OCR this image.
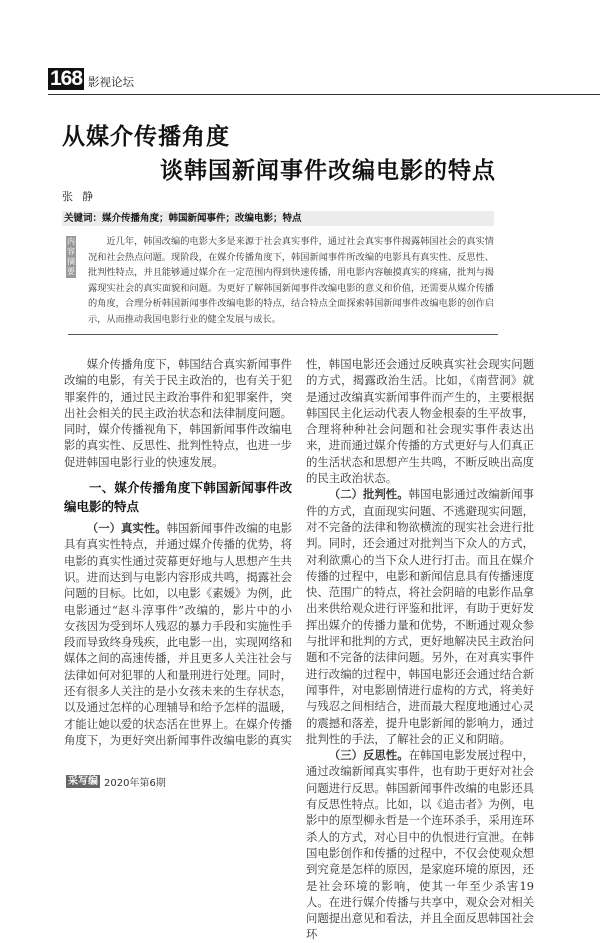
168 影视论坛
从媒介传播角度
谈韩国新闻事件改编电影的特点
张静
关键词：媒介传播角度；韩国新闻事件；改编电影；特点
内容摘要
近几年，韩国改编的电影大多是来源于社会真实事件，通过社会真实事件揭露韩国社会的真实情况和社会热点问题。现阶段，在媒介传播角度下，韩国新闻事件所改编的电影具有真实性、反思性、批判性特点，并且能够通过媒介在一定范围内得到快速传播，用电影内容触摸真实的疼痛，批判与揭露现实社会的真实面貌和问题。为更好了解韩国新闻事件改编电影的意义和价值，还需要从媒介传播的角度，合理分析韩国新闻事件改编电影的特点，结合特点全面探索韩国新闻事件改编电影的创作启示，从而推动我国电影行业的健全发展与成长。

媒介传播角度下，韩国结合真实新闻事件改编的电影，有关于民主政治的，也有关于犯罪案件的，通过民主政治事件和犯罪案件，突出社会相关的民主政治状态和法律制度问题。同时，媒介传播视角下，韩国新闻事件改编电影的真实性、反思性、批判性特点，也进一步促进韩国电影行业的快速发展。

一、媒介传播角度下韩国新闻事件改编电影的特点

（一）真实性。韩国新闻事件改编的电影具有真实性特点，并通过媒介传播的优势，将电影的真实性通过荧幕更好地与人思想产生共识。进而达到与电影内容形成共鸣，揭露社会问题的目标。比如，以电影《素媛》为例，此电影通过“赵斗淳事件”改编的，影片中的小女孩因为受到坏人残忍的暴力手段和实施性手段而导致终身残疾，此电影一出，实现网络和媒体之间的高速传播，并且更多人关注社会与法律如何对犯罪的人和量刑进行处理。同时，还有很多人关注的是小女孩未来的生存状态，以及通过怎样的心理辅导和给予怎样的温暖，才能让她以爱的状态活在世界上。在媒介传播角度下，为更好突出新闻事件改编电影的真实

性，韩国电影还会通过反映真实社会现实问题的方式，揭露政治生活。比如，《南营洞》就是通过改编真实新闻事件而产生的，主要根据韩国民主化运动代表人物金根泰的生平故事，合理将种种社会问题和社会现实事件表达出来，进而通过媒介传播的方式更好与人们真正的生活状态和思想产生共鸣，不断反映出高度的民主政治状态。

（二）批判性。韩国电影通过改编新闻事件的方式，直面现实问题、不逃避现实问题，对不完备的法律和物欲横流的现实社会进行批判。同时，还会通过对批判当下众人的方式，对利欲熏心的当下众人进行打击。而且在媒介传播的过程中，电影和新闻信息具有传播速度快、范围广的特点，将社会阴暗的电影作品拿出来供给观众进行评鉴和批评，有助于更好发挥出媒介的传播力量和优势，不断通过观众参与批评和批判的方式，更好地解决民主政治问题和不完备的法律问题。另外，在对真实事件进行改编的过程中，韩国电影还会通过结合新闻事件，对电影剧情进行虚构的方式，将美好与残忍之间相结合，进而最大程度地通过心灵的震撼和落差，提升电影新闻的影响力，通过批判性的手法，了解社会的正义和阴暗。

（三）反思性。在韩国电影发展过程中，通过改编新闻真实事件，也有助于更好对社会问题进行反思。韩国新闻事件改编的电影还具有反思性特点。比如，以《追击者》为例，电影中的原型柳永哲是一个连环杀手，采用连环杀人的方式，对心目中的仇恨进行宣泄。在韩国电影创作和传播的过程中，不仅会使观众想到究竟是怎样的原因，是家庭环境的原因，还是社会环境的影响，使其一年至少杀害19人。在进行媒介传播与共享中，观众会对相关问题提出意见和看法，并且全面反思韩国社会环

采写编 2020年第6期
